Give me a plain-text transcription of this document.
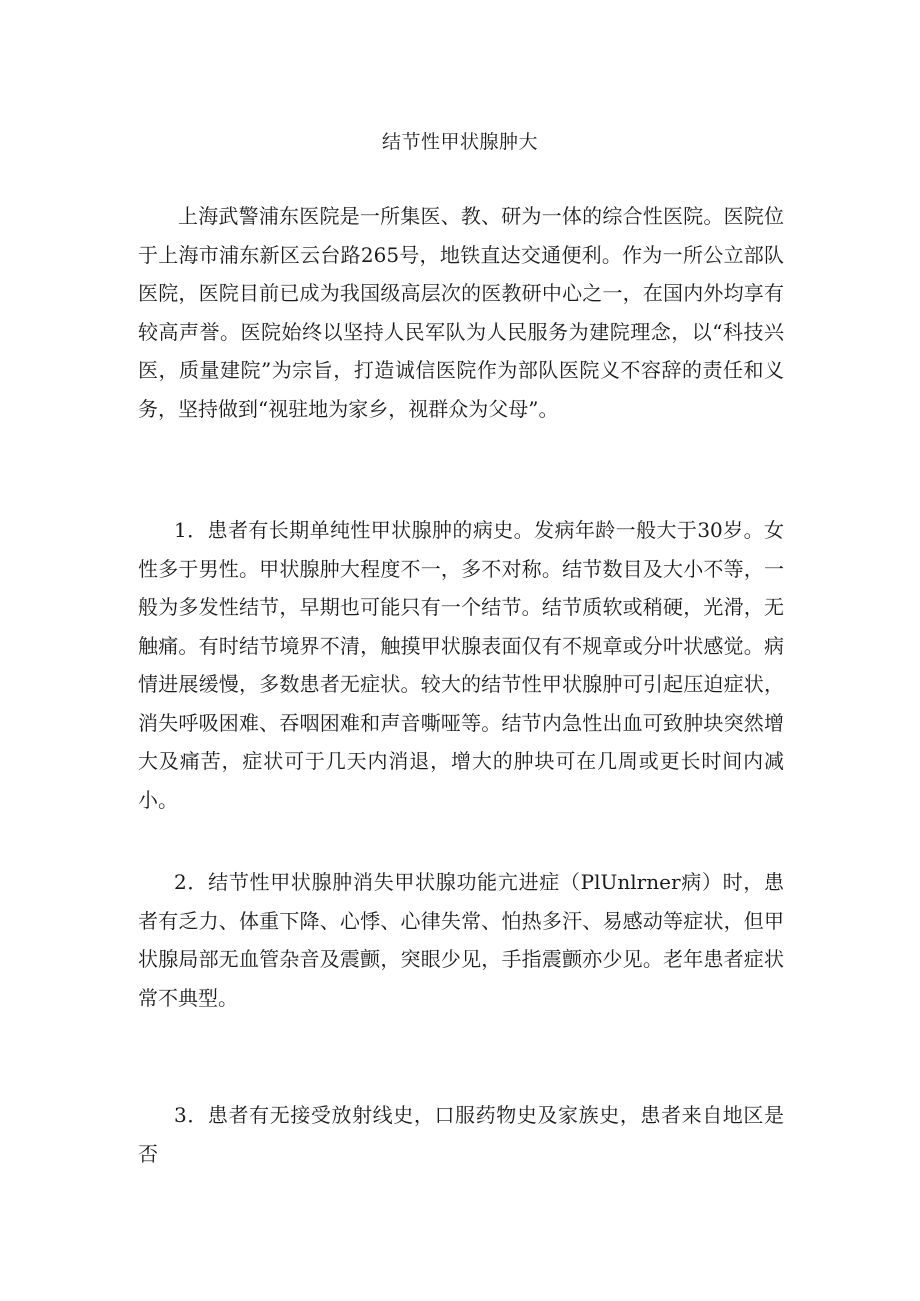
结节性甲状腺肿大

上海武警浦东医院是一所集医、教、研为一体的综合性医院。医院位于上海市浦东新区云台路265号，地铁直达交通便利。作为一所公立部队医院，医院目前已成为我国级高层次的医教研中心之一，在国内外均享有较高声誉。医院始终以坚持人民军队为人民服务为建院理念，以“科技兴医，质量建院”为宗旨，打造诚信医院作为部队医院义不容辞的责任和义务，坚持做到“视驻地为家乡，视群众为父母”。

1．患者有长期单纯性甲状腺肿的病史。发病年龄一般大于30岁。女性多于男性。甲状腺肿大程度不一，多不对称。结节数目及大小不等，一般为多发性结节，早期也可能只有一个结节。结节质软或稍硬，光滑，无触痛。有时结节境界不清，触摸甲状腺表面仅有不规章或分叶状感觉。病情进展缓慢，多数患者无症状。较大的结节性甲状腺肿可引起压迫症状，消失呼吸困难、吞咽困难和声音嘶哑等。结节内急性出血可致肿块突然增大及痛苦，症状可于几天内消退，增大的肿块可在几周或更长时间内减小。

2．结节性甲状腺肿消失甲状腺功能亢进症（PlUnlrner病）时，患者有乏力、体重下降、心悸、心律失常、怕热多汗、易感动等症状，但甲状腺局部无血管杂音及震颤，突眼少见，手指震颤亦少见。老年患者症状常不典型。

3．患者有无接受放射线史，口服药物史及家族史，患者来自地区是否
